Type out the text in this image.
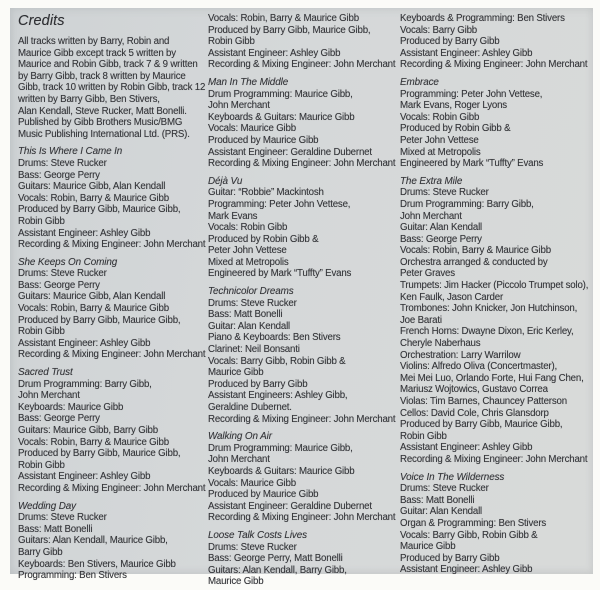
Credits
All tracks written by Barry, Robin and
Maurice Gibb except track 5 written by
Maurice and Robin Gibb, track 7 & 9 written
by Barry Gibb, track 8 written by Maurice
Gibb, track 10 written by Robin Gibb, track 12
written by Barry Gibb, Ben Stivers,
Alan Kendall, Steve Rucker, Matt Bonelli.
Published by Gibb Brothers Music/BMG
Music Publishing International Ltd. (PRS).
This Is Where I Came In
Drums: Steve Rucker
Bass: George Perry
Guitars: Maurice Gibb, Alan Kendall
Vocals: Robin, Barry & Maurice Gibb
Produced by Barry Gibb, Maurice Gibb,
Robin Gibb
Assistant Engineer: Ashley Gibb
Recording & Mixing Engineer: John Merchant
She Keeps On Coming
Drums: Steve Rucker
Bass: George Perry
Guitars: Maurice Gibb, Alan Kendall
Vocals: Robin, Barry & Maurice Gibb
Produced by Barry Gibb, Maurice Gibb,
Robin Gibb
Assistant Engineer: Ashley Gibb
Recording & Mixing Engineer: John Merchant
Sacred Trust
Drum Programming: Barry Gibb,
John Merchant
Keyboards: Maurice Gibb
Bass: George Perry
Guitars: Maurice Gibb, Barry Gibb
Vocals: Robin, Barry & Maurice Gibb
Produced by Barry Gibb, Maurice Gibb,
Robin Gibb
Assistant Engineer: Ashley Gibb
Recording & Mixing Engineer: John Merchant
Wedding Day
Drums: Steve Rucker
Bass: Matt Bonelli
Guitars: Alan Kendall, Maurice Gibb,
Barry Gibb
Keyboards: Ben Stivers, Maurice Gibb
Programming: Ben Stivers
Vocals: Robin, Barry & Maurice Gibb
Produced by Barry Gibb, Maurice Gibb,
Robin Gibb
Assistant Engineer: Ashley Gibb
Recording & Mixing Engineer: John Merchant
Man In The Middle
Drum Programming: Maurice Gibb,
John Merchant
Keyboards & Guitars: Maurice Gibb
Vocals: Maurice Gibb
Produced by Maurice Gibb
Assistant Engineer: Geraldine Dubernet
Recording & Mixing Engineer: John Merchant
Déjà Vu
Guitar: “Robbie” Mackintosh
Programming: Peter John Vettese,
Mark Evans
Vocals: Robin Gibb
Produced by Robin Gibb &
Peter John Vettese
Mixed at Metropolis
Engineered by Mark “Tuffty” Evans
Technicolor Dreams
Drums: Steve Rucker
Bass: Matt Bonelli
Guitar: Alan Kendall
Piano & Keyboards: Ben Stivers
Clarinet: Neil Bonsanti
Vocals: Barry Gibb, Robin Gibb &
Maurice Gibb
Produced by Barry Gibb
Assistant Engineers: Ashley Gibb,
Geraldine Dubernet.
Recording & Mixing Engineer: John Merchant
Walking On Air
Drum Programming: Maurice Gibb,
John Merchant
Keyboards & Guitars: Maurice Gibb
Vocals: Maurice Gibb
Produced by Maurice Gibb
Assistant Engineer: Geraldine Dubernet
Recording & Mixing Engineer: John Merchant
Loose Talk Costs Lives
Drums: Steve Rucker
Bass: George Perry, Matt Bonelli
Guitars: Alan Kendall, Barry Gibb,
Maurice Gibb
Keyboards & Programming: Ben Stivers
Vocals: Barry Gibb
Produced by Barry Gibb
Assistant Engineer: Ashley Gibb
Recording & Mixing Engineer: John Merchant
Embrace
Programming: Peter John Vettese,
Mark Evans, Roger Lyons
Vocals: Robin Gibb
Produced by Robin Gibb &
Peter John Vettese
Mixed at Metropolis
Engineered by Mark “Tuffty” Evans
The Extra Mile
Drums: Steve Rucker
Drum Programming: Barry Gibb,
John Merchant
Guitar: Alan Kendall
Bass: George Perry
Vocals: Robin, Barry & Maurice Gibb
Orchestra arranged & conducted by
Peter Graves
Trumpets: Jim Hacker (Piccolo Trumpet solo),
Ken Faulk, Jason Carder
Trombones: John Knicker, Jon Hutchinson,
Joe Barati
French Horns: Dwayne Dixon, Eric Kerley,
Cheryle Naberhaus
Orchestration: Larry Warrilow
Violins: Alfredo Oliva (Concertmaster),
Mei Mei Luo, Orlando Forte, Hui Fang Chen,
Mariusz Wojtowics, Gustavo Correa
Violas: Tim Barnes, Chauncey Patterson
Cellos: David Cole, Chris Glansdorp
Produced by Barry Gibb, Maurice Gibb,
Robin Gibb
Assistant Engineer: Ashley Gibb
Recording & Mixing Engineer: John Merchant
Voice In The Wilderness
Drums: Steve Rucker
Bass: Matt Bonelli
Guitar: Alan Kendall
Organ & Programming: Ben Stivers
Vocals: Barry Gibb, Robin Gibb &
Maurice Gibb
Produced by Barry Gibb
Assistant Engineer: Ashley Gibb
